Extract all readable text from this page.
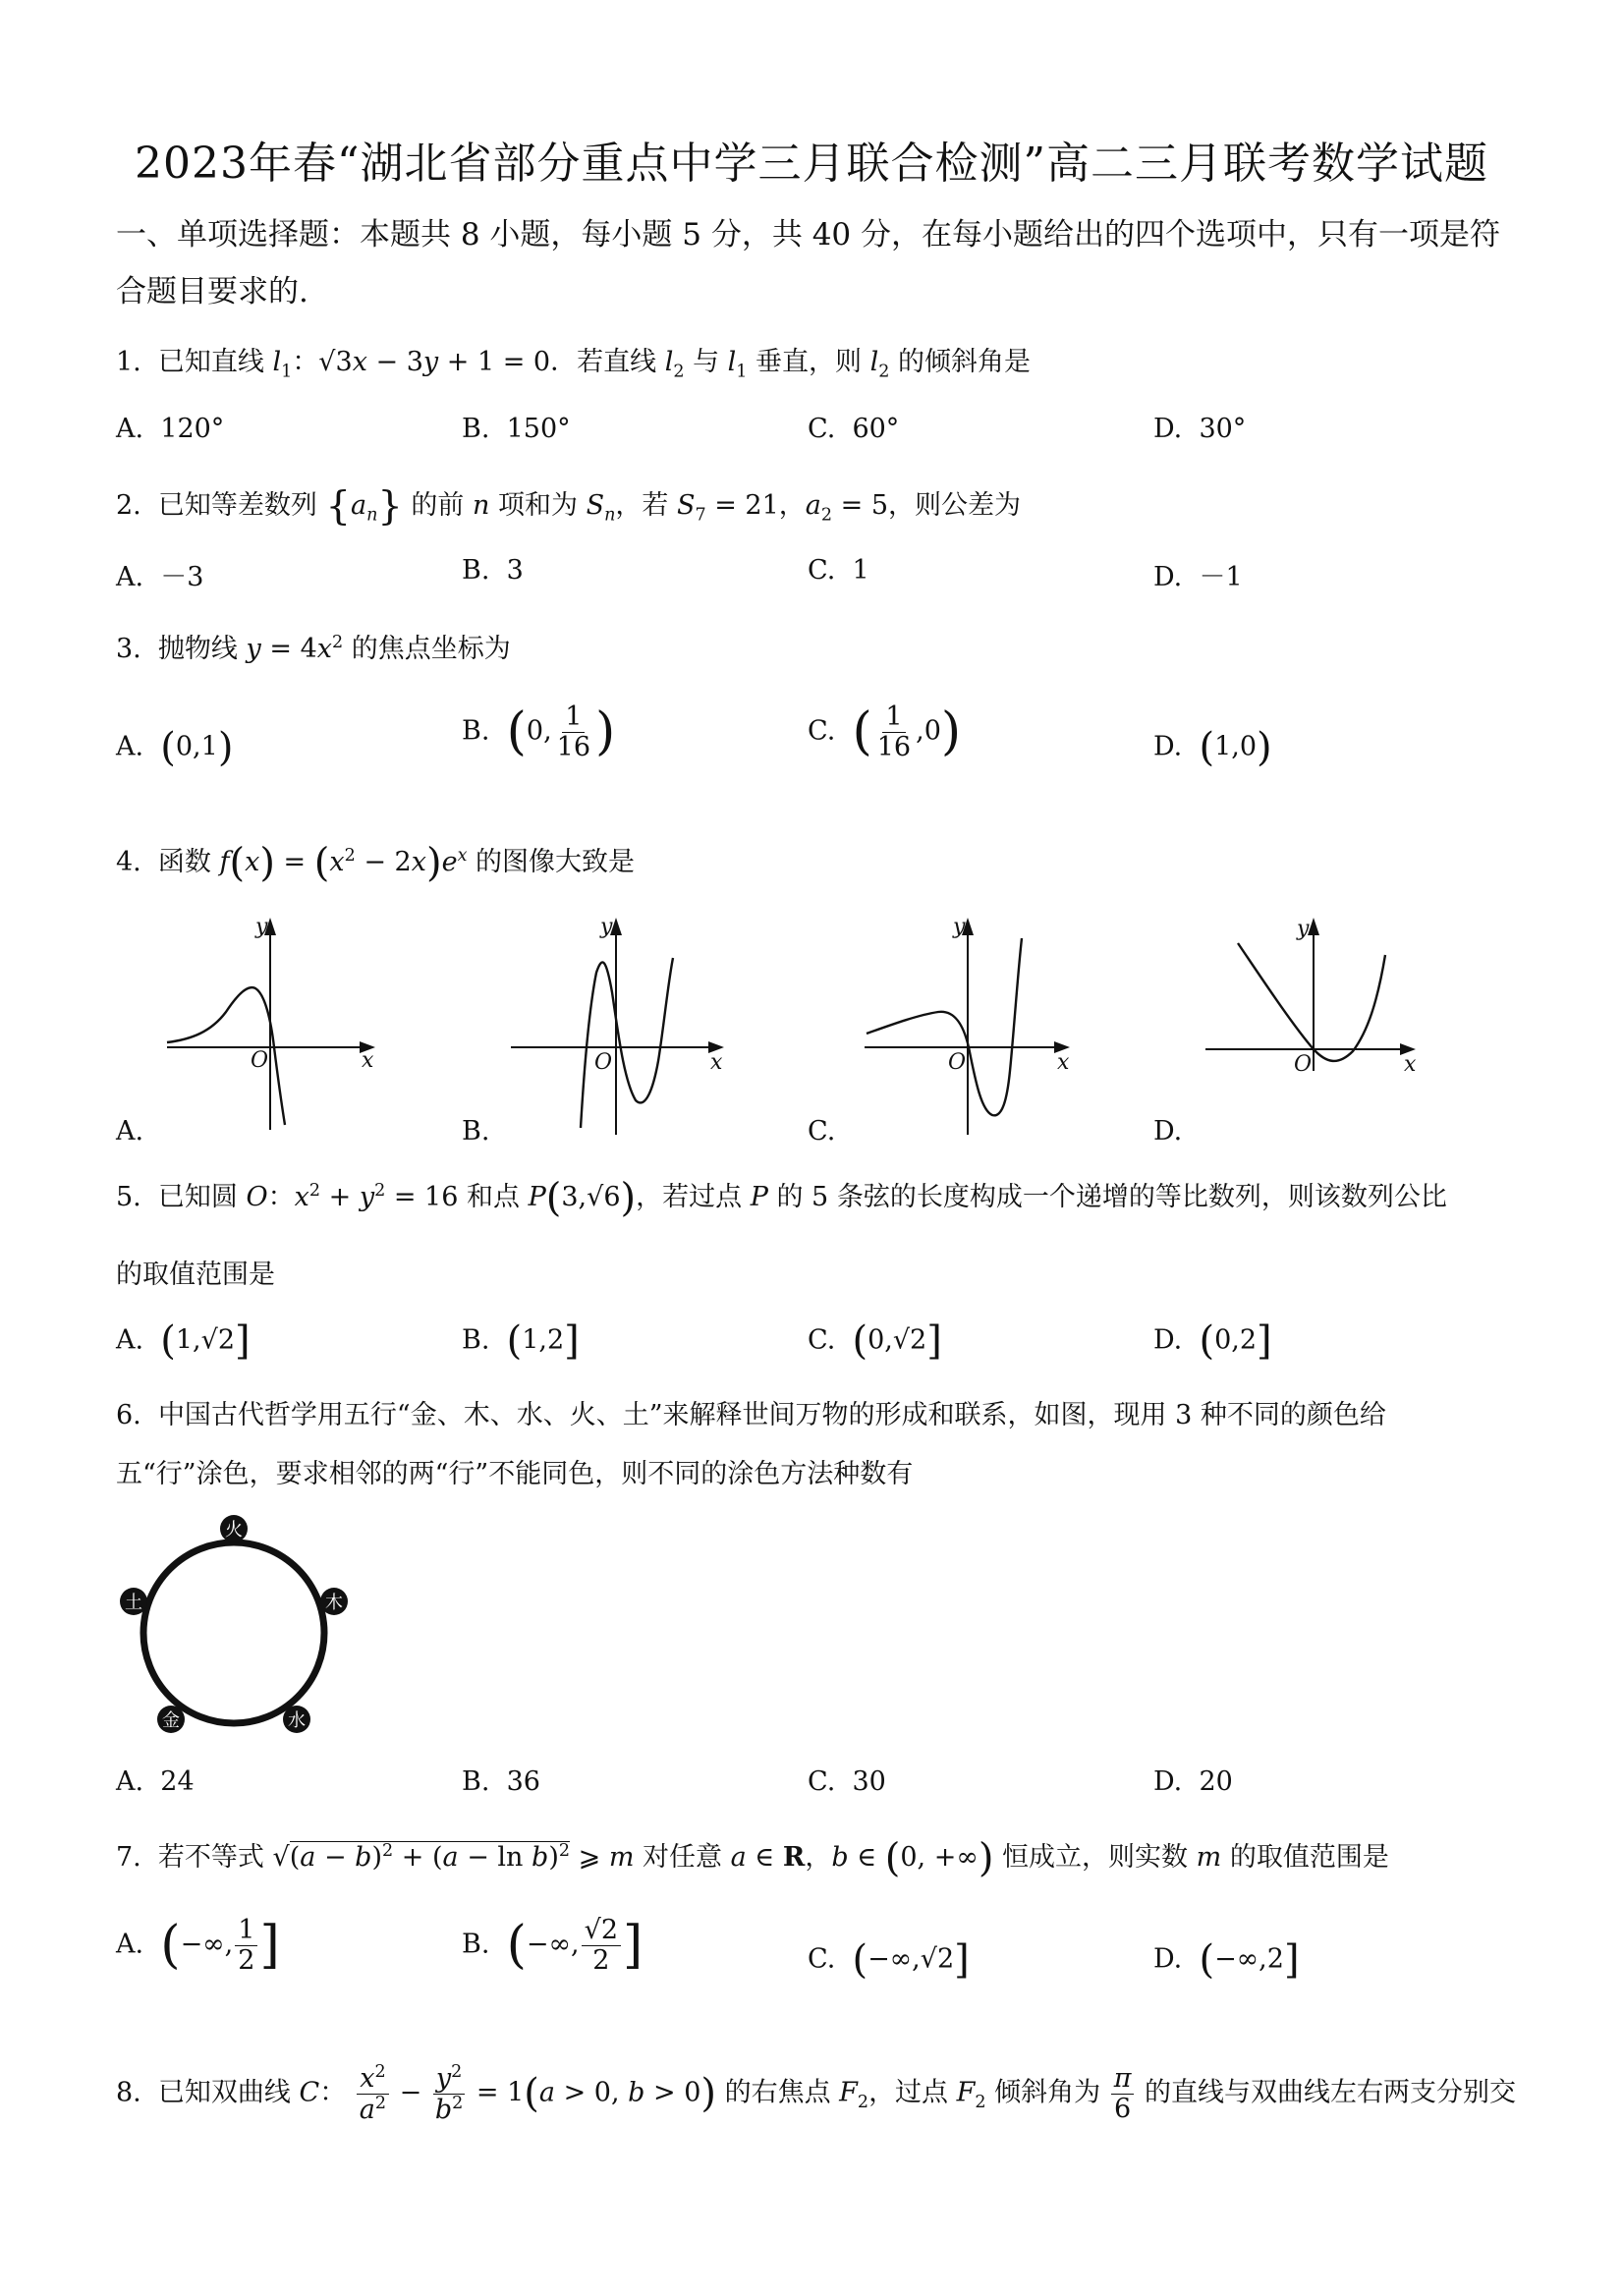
2023年春“湖北省部分重点中学三月联合检测”高二三月联考数学试题
一、单项选择题：本题共 8 小题，每小题 5 分，共 40 分，在每小题给出的四个选项中，只有一项是符合题目要求的.
1.  已知直线 $l_1$：√3x − 3y + 1 = 0．若直线 $l_2$ 与 $l_1$ 垂直，则 $l_2$ 的倾斜角是
A. 120°	B. 150°	C. 60°	D. 30°
2.  已知等差数列 $\{a_n\}$ 的前 n 项和为 $S_n$，若 $S_7 = 21$，$a_2 = 5$，则公差为
A. －3	B. 3	C. 1	D. －1
3.  抛物线 $y = 4x^2$ 的焦点坐标为
A. (0,1)	B. (0, $\frac{1}{16}$ )	C. ( $\frac{1}{16} ,0$)	D. (1,0)
4.  函数 $f(x) = (x^2 - 2x)e^x$ 的图像大致是
y
O	x
A.
y
O	x
B.
y
O	x
C.
y
O	x
D.
5.  已知圆 O：$x^2 + y^2 = 16$ 和点 P(3,√6)，若过点 P 的 5 条弦的长度构成一个递增的等比数列，则该数列公比
的取值范围是
A. (1,√2]	B. (1,2]	C. (0,√2]	D. (0,2]
6. 中国古代哲学用五行“金、木、水、火、土”来解释世间万物的形成和联系，如图，现用 3 种不同的颜色给
五“行”涂色，要求相邻的两“行”不能同色，则不同的涂色方法种数有
火
木
水
金
土
A. 24	B. 36	C. 30	D. 20
7.  若不等式 $√(a - b)^2 + (a - \ln b)^2$ ⩾ m 对任意 a ∈ R，b ∈ (0, +∞) 恒成立，则实数 m 的取值范围是
A. (−∞, $\frac{1}{2}$ ]	B. (−∞, $\frac{√2}{2}$ ]	C. (−∞,√2]	D. (−∞,2]
8.  已知双曲线 C： $\frac{x^2}{a^2} - \frac{y^2}{b^2} = 1(a > 0$, b > 0) 的右焦点 $F_2$，过点 $F_2$ 倾斜角为 $\frac{\pi}{6}$ 的直线与双曲线左右两支分别交
